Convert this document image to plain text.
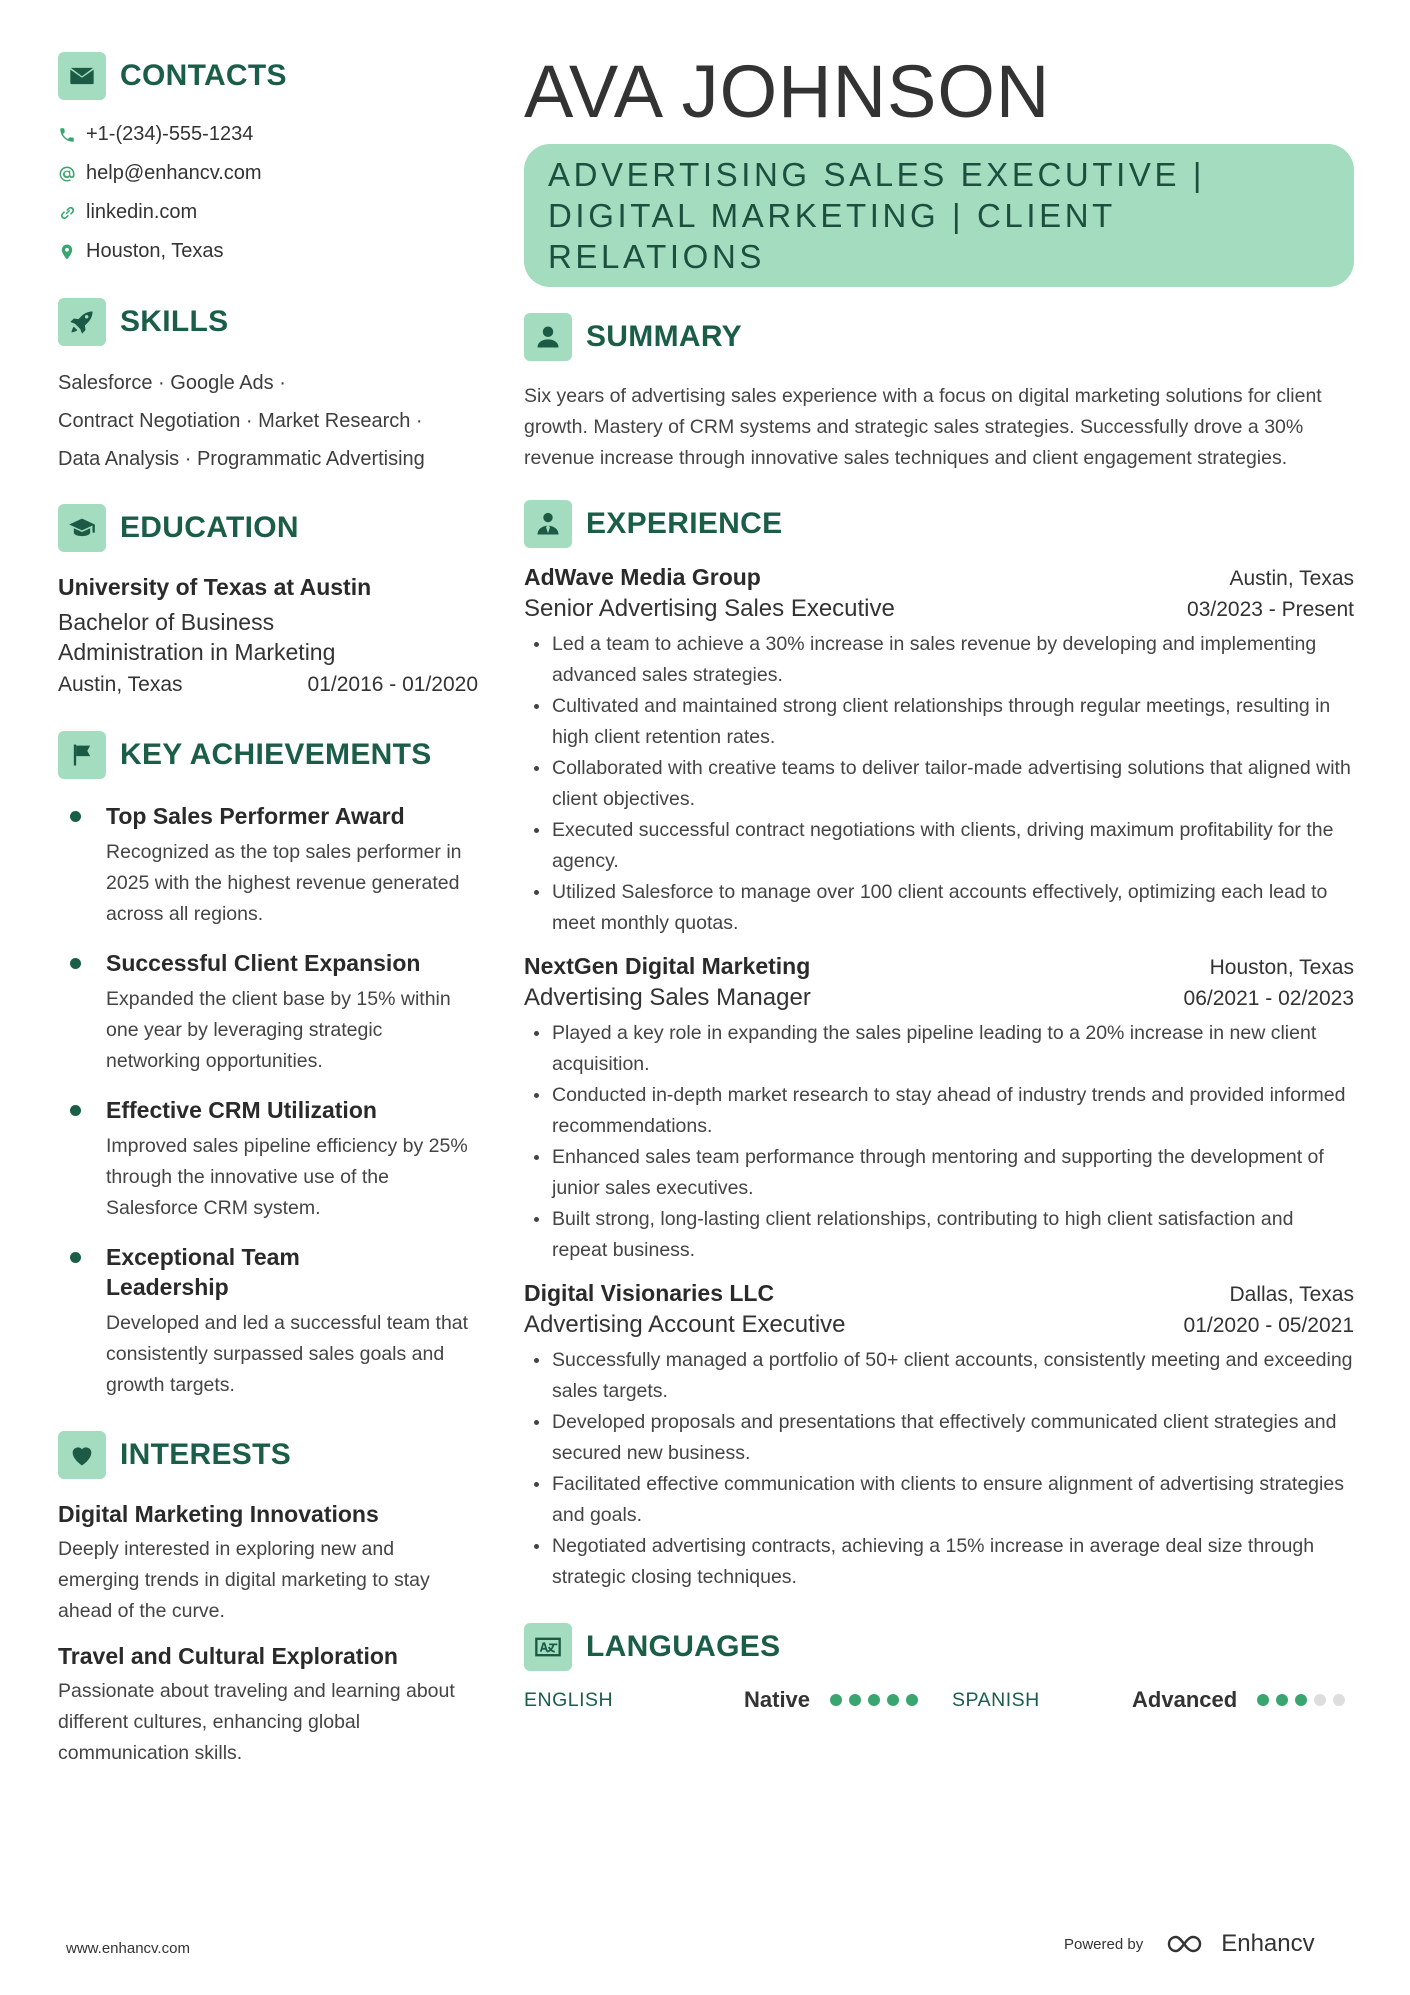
CONTACTS
+1-(234)-555-1234
help@enhancv.com
linkedin.com
Houston, Texas
SKILLS
Salesforce · Google Ads ·
Contract Negotiation · Market Research ·
Data Analysis · Programmatic Advertising
EDUCATION
University of Texas at Austin
Bachelor of Business Administration in Marketing
Austin, Texas	01/2016 - 01/2020
KEY ACHIEVEMENTS
Top Sales Performer Award
Recognized as the top sales performer in 2025 with the highest revenue generated across all regions.
Successful Client Expansion
Expanded the client base by 15% within one year by leveraging strategic networking opportunities.
Effective CRM Utilization
Improved sales pipeline efficiency by 25% through the innovative use of the Salesforce CRM system.
Exceptional Team Leadership
Developed and led a successful team that consistently surpassed sales goals and growth targets.
INTERESTS
Digital Marketing Innovations
Deeply interested in exploring new and emerging trends in digital marketing to stay ahead of the curve.
Travel and Cultural Exploration
Passionate about traveling and learning about different cultures, enhancing global communication skills.
AVA JOHNSON
ADVERTISING SALES EXECUTIVE | DIGITAL MARKETING | CLIENT RELATIONS
SUMMARY
Six years of advertising sales experience with a focus on digital marketing solutions for client growth. Mastery of CRM systems and strategic sales strategies. Successfully drove a 30% revenue increase through innovative sales techniques and client engagement strategies.
EXPERIENCE
AdWave Media Group	Austin, Texas
Senior Advertising Sales Executive	03/2023 - Present
Led a team to achieve a 30% increase in sales revenue by developing and implementing advanced sales strategies.
Cultivated and maintained strong client relationships through regular meetings, resulting in high client retention rates.
Collaborated with creative teams to deliver tailor-made advertising solutions that aligned with client objectives.
Executed successful contract negotiations with clients, driving maximum profitability for the agency.
Utilized Salesforce to manage over 100 client accounts effectively, optimizing each lead to meet monthly quotas.
NextGen Digital Marketing	Houston, Texas
Advertising Sales Manager	06/2021 - 02/2023
Played a key role in expanding the sales pipeline leading to a 20% increase in new client acquisition.
Conducted in-depth market research to stay ahead of industry trends and provided informed recommendations.
Enhanced sales team performance through mentoring and supporting the development of junior sales executives.
Built strong, long-lasting client relationships, contributing to high client satisfaction and repeat business.
Digital Visionaries LLC	Dallas, Texas
Advertising Account Executive	01/2020 - 05/2021
Successfully managed a portfolio of 50+ client accounts, consistently meeting and exceeding sales targets.
Developed proposals and presentations that effectively communicated client strategies and secured new business.
Facilitated effective communication with clients to ensure alignment of advertising strategies and goals.
Negotiated advertising contracts, achieving a 15% increase in average deal size through strategic closing techniques.
LANGUAGES
ENGLISH	Native	SPANISH	Advanced
www.enhancv.com	Powered by	Enhancv
